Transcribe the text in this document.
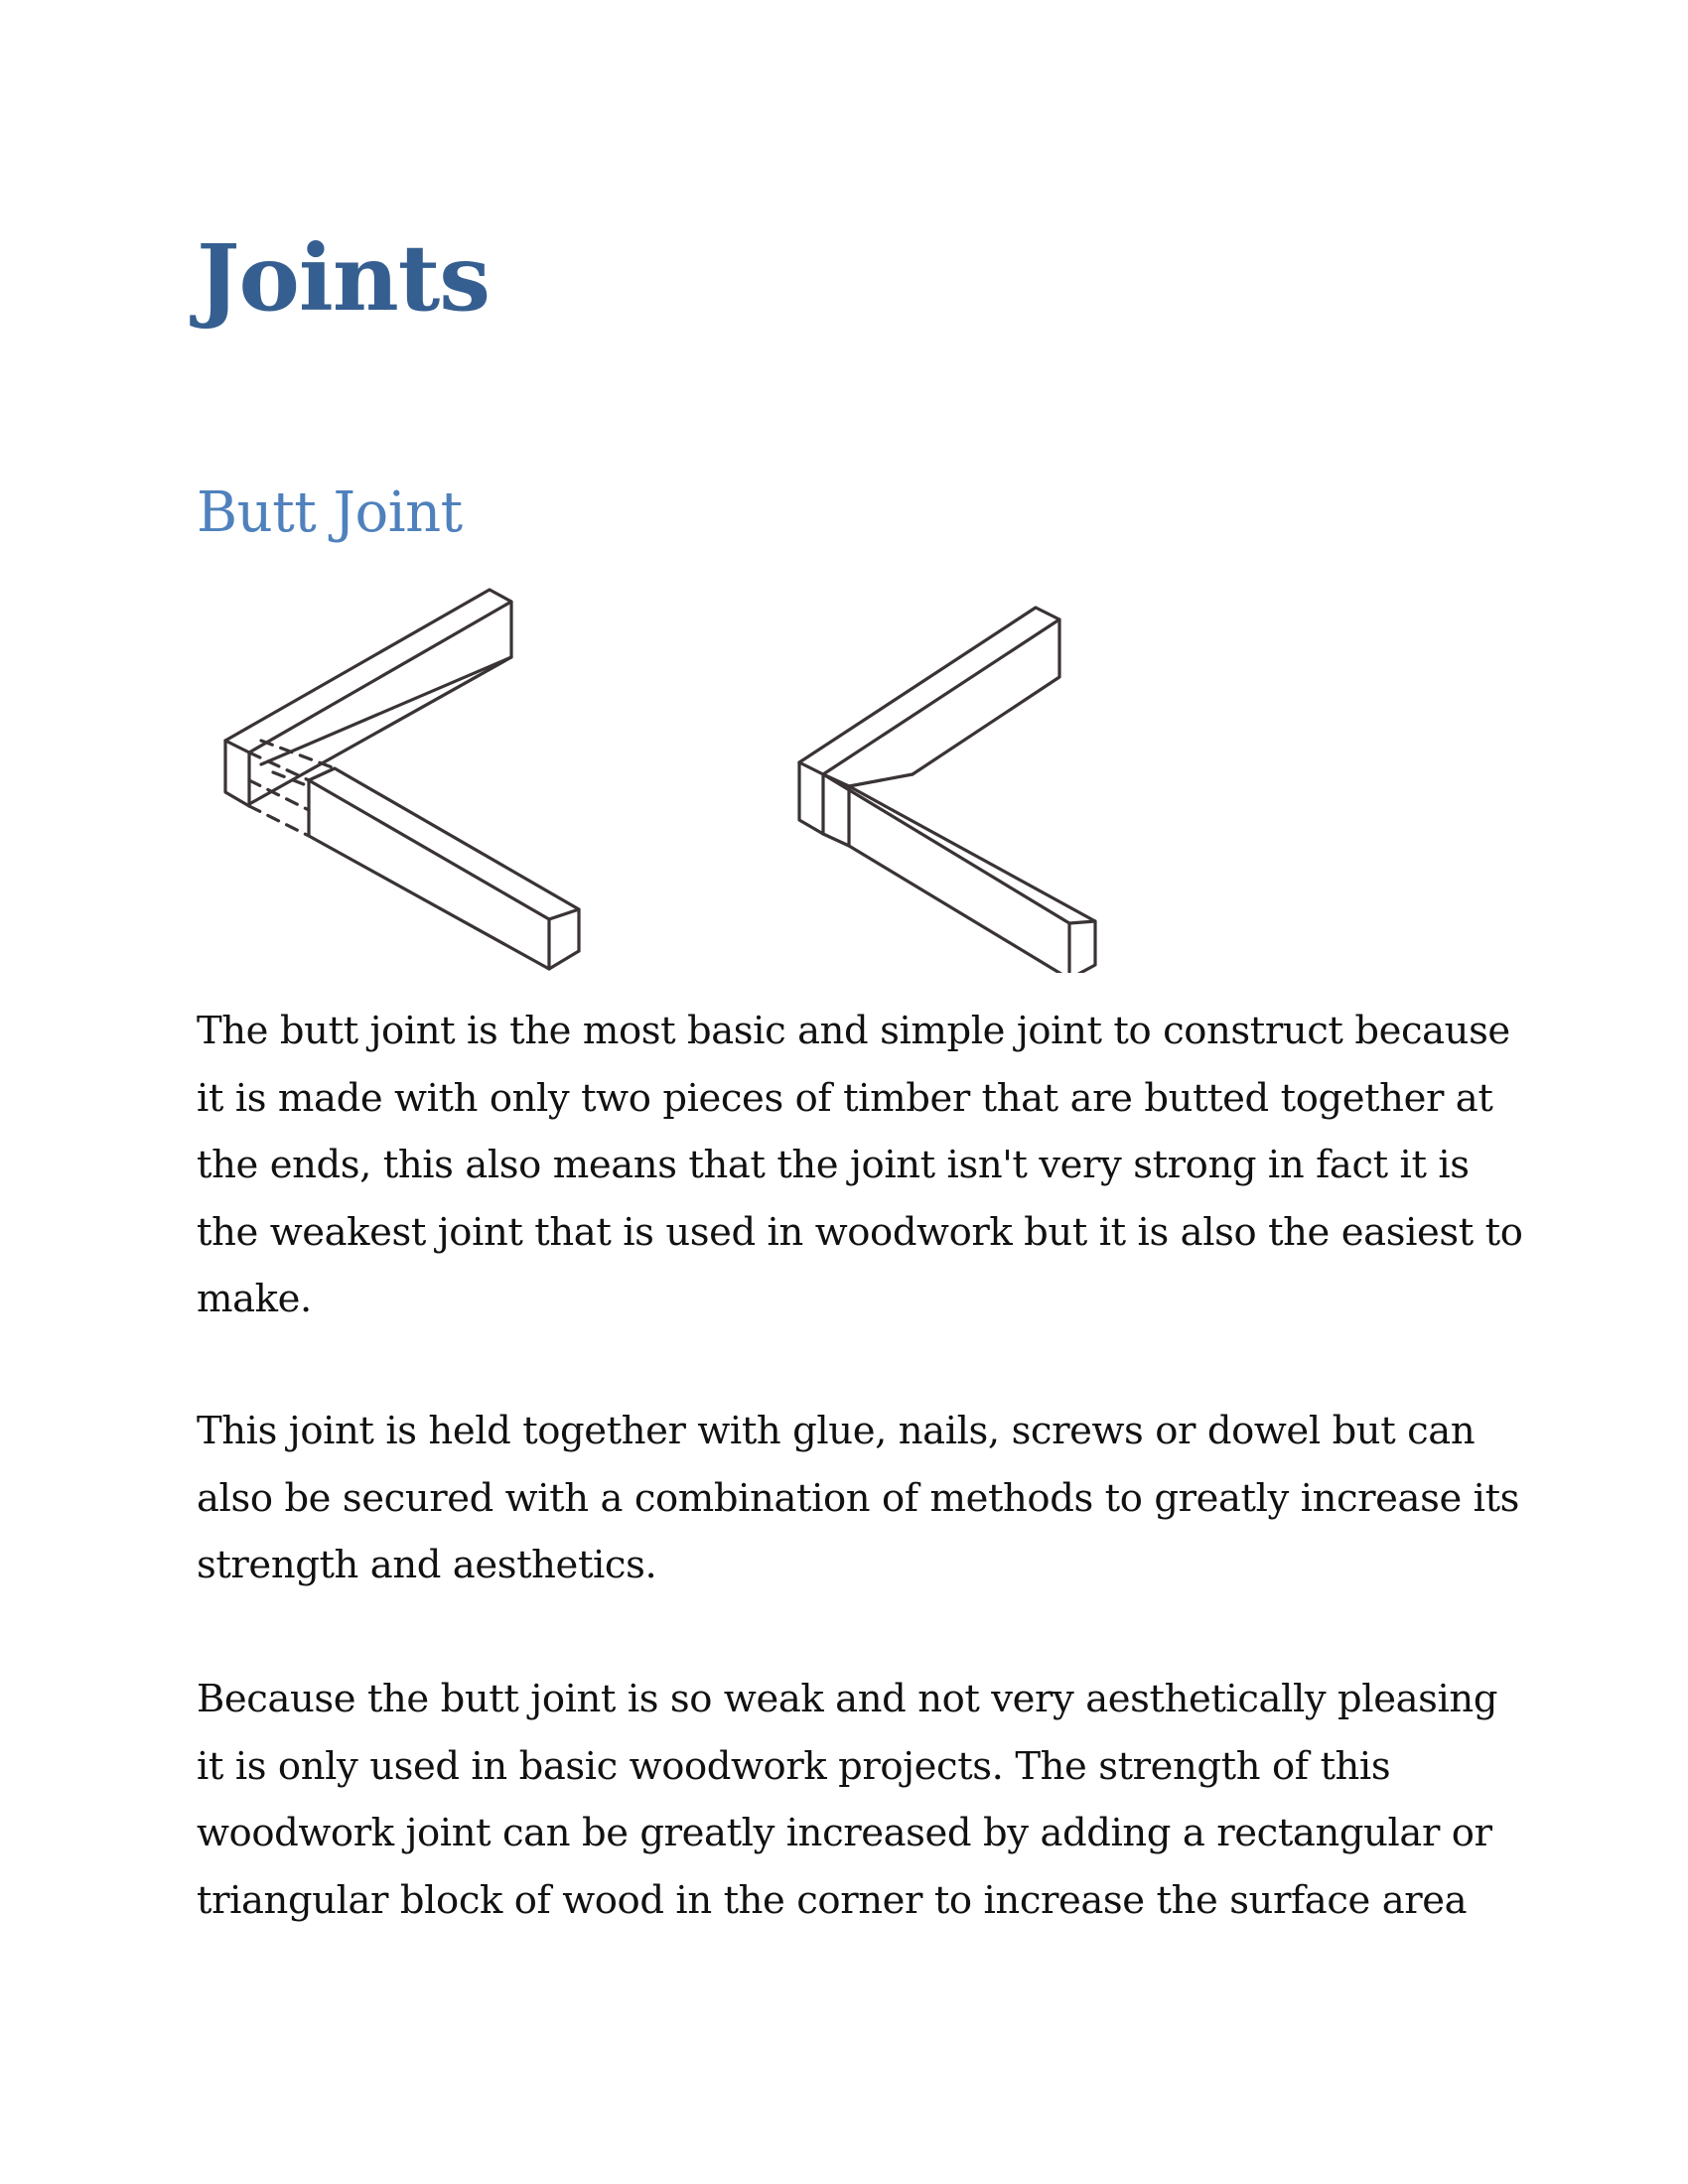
Joints
Butt Joint

The butt joint is the most basic and simple joint to construct because it is made with only two pieces of timber that are butted together at the ends, this also means that the joint isn't very strong in fact it is the weakest joint that is used in woodwork but it is also the easiest to make.

This joint is held together with glue, nails, screws or dowel but can also be secured with a combination of methods to greatly increase its strength and aesthetics.

Because the butt joint is so weak and not very aesthetically pleasing it is only used in basic woodwork projects. The strength of this woodwork joint can be greatly increased by adding a rectangular or triangular block of wood in the corner to increase the surface area
